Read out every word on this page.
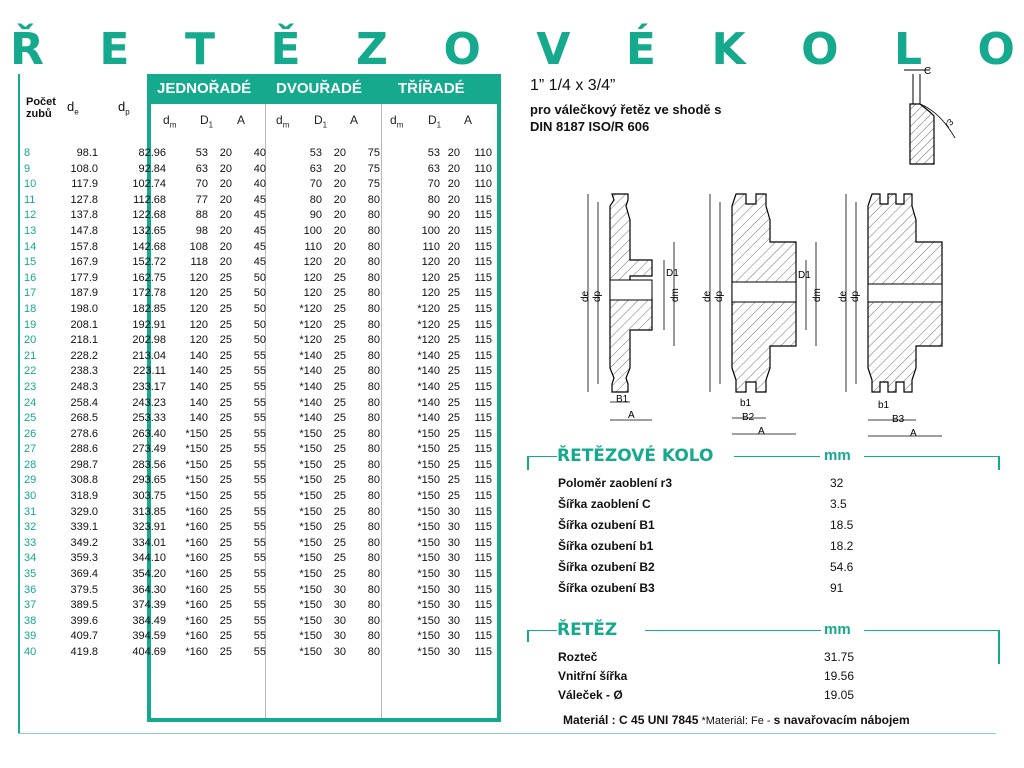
Ř E T Ě Z O V É K O L O
JEDNOŘADÉ DVOUŘADÉ TŘÍŘADÉ
Počet
zubů	$d_e$	$d_p$
$d_m$ $D_1$ A	$d_m$ $D_1$ A	$d_m$ $D_1$ A
8	98.1	82.96	53	20	40	53	20	75	53 20	110
9	108.0	92.84	63	20	40	63	20	75	63 20	110
10	117.9	102.74	70	20	40	70	20	75	70 20	110
11	127.8	112.68	77	20	45	80	20	80	80 20	115
12	137.8	122.68	88	20	45	90	20	80	90 20	115
13	147.8	132.65	98	20	45	100	20	80	100 20	115
14	157.8	142.68	108	20	45	110	20	80	110 20	115
15	167.9	152.72	118	20	45	120	20	80	120 20	115
16	177.9	162.75	120	25	50	120	25	80	120 25	115
17	187.9	172.78	120	25	50	120	25	80	120 25	115
18	198.0	182.85	120	25	50	*120	25	80	*120 25	115
19	208.1	192.91	120	25	50	*120	25	80	*120 25	115
20	218.1	202.98	120	25	50	*120	25	80	*120 25	115
21	228.2	213.04	140	25	55	*140	25	80	*140 25	115
22	238.3	223.11	140	25	55	*140	25	80	*140 25	115
23	248.3	233.17	140	25	55	*140	25	80	*140 25	115
24	258.4	243.23	140	25	55	*140	25	80	*140 25	115
25	268.5	253.33	140	25	55	*140	25	80	*140 25	115
26	278.6	263.40	*150	25	55	*150	25	80	*150 25	115
27	288.6	273.49	*150	25	55	*150	25	80	*150 25	115
28	298.7	283.56	*150	25	55	*150	25	80	*150 25	115
29	308.8	293.65	*150	25	55	*150	25	80	*150 25	115
30	318.9	303.75	*150	25	55	*150	25	80	*150 25	115
31	329.0	313.85	*160	25	55	*150	25	80	*150 30	115
32	339.1	323.91	*160	25	55	*150	25	80	*150 30	115
33	349.2	334.01	*160	25	55	*150	25	80	*150 30	115
34	359.3	344.10	*160	25	55	*150	25	80	*150 30	115
35	369.4	354.20	*160	25	55	*150	25	80	*150 30	115
36	379.5	364.30	*160	25	55	*150	30	80	*150 30	115
37	389.5	374.39	*160	25	55	*150	30	80	*150 30	115
38	399.6	384.49	*160	25	55	*150	30	80	*150 30	115
39	409.7	394.59	*160	25	55	*150	30	80	*150 30	115
40	419.8	404.69	*160	25	55	*150	30	80	*150 30	115
1” 1/4 x 3/4”
pro válečkový řetěz ve shodě s
DIN 8187 ISO/R 606
C
r3
de dp
D1
dm
B1
A
de dp
D1
dm
b1
B2
A
de dp
b1
B3
A
ŘETĚZOVÉ KOLO	mm
Poloměr zaoblení r3	32
Šířka zaoblení C	3.5
Šířka ozubení B1	18.5
Šířka ozubení b1	18.2
Šířka ozubení B2	54.6
Šířka ozubení B3	91
ŘETĚZ	mm
Rozteč	31.75
Vnitřní šířka	19.56
Váleček - Ø	19.05
Materiál : C 45 UNI 7845 *Materiál: Fe - s navařovacím nábojem
